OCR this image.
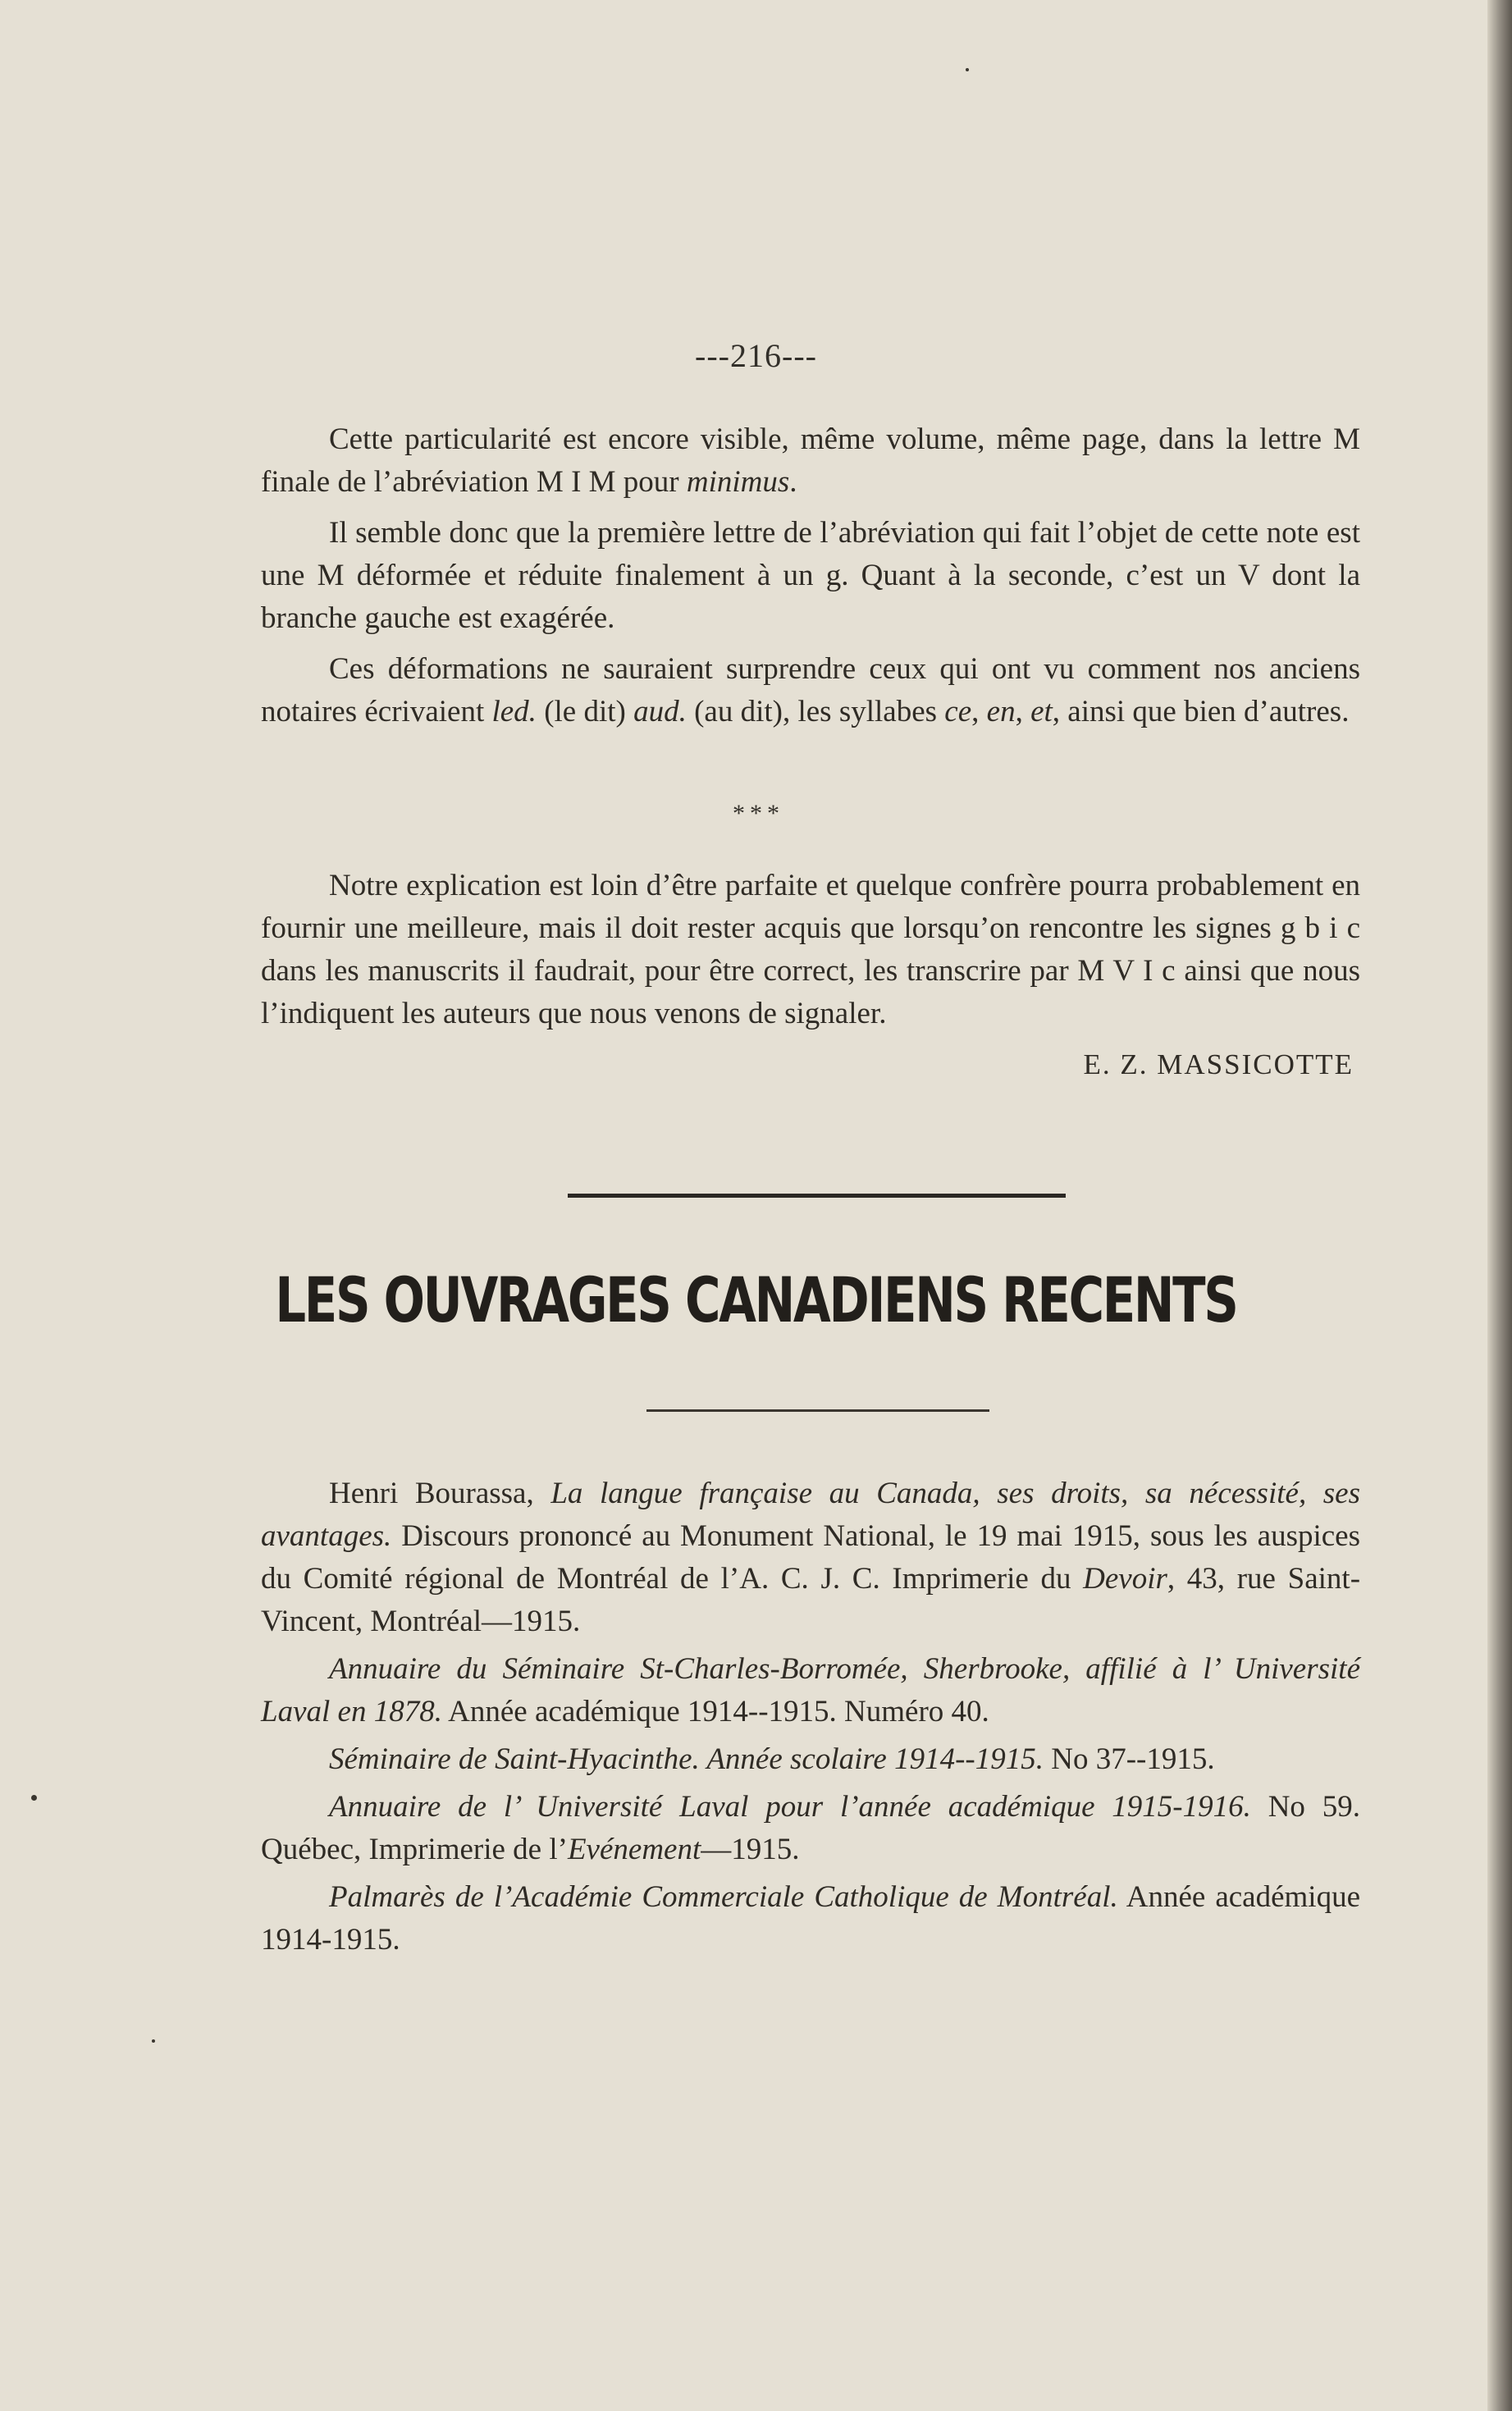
---216---

Cette particularité est encore visible, même volume, même page, dans la lettre M finale de l’abréviation M I M pour minimus.

Il semble donc que la première lettre de l’abréviation qui fait l’objet de cette note est une M déformée et réduite finalement à un g. Quant à la seconde, c’est un V dont la branche gauche est exagérée.

Ces déformations ne sauraient surprendre ceux qui ont vu comment nos anciens notaires écrivaient led. (le dit) aud. (au dit), les syllabes ce, en, et, ainsi que bien d’autres.

* * *

Notre explication est loin d’être parfaite et quelque confrère pourra probablement en fournir une meilleure, mais il doit rester acquis que lorsqu’on rencontre les signes g b i c dans les manuscrits il faudrait, pour être correct, les transcrire par M V I c ainsi que nous l’indiquent les auteurs que nous venons de signaler.

E. Z. MASSICOTTE

LES OUVRAGES CANADIENS RECENTS

Henri Bourassa, La langue française au Canada, ses droits, sa nécessité, ses avantages. Discours prononcé au Monument National, le 19 mai 1915, sous les auspices du Comité régional de Montréal de l’A. C. J. C. Imprimerie du Devoir, 43, rue Saint-Vincent, Montréal—1915.

Annuaire du Séminaire St-Charles-Borromée, Sherbrooke, affilié à l’ Université Laval en 1878. Année académique 1914--1915. Numéro 40.

Séminaire de Saint-Hyacinthe. Année scolaire 1914--1915. No 37--1915.

Annuaire de l’ Université Laval pour l’année académique 1915-1916. No 59. Québec, Imprimerie de l’Evénement—1915.

Palmarès de l’Académie Commerciale Catholique de Montréal. Année académique 1914-1915.
